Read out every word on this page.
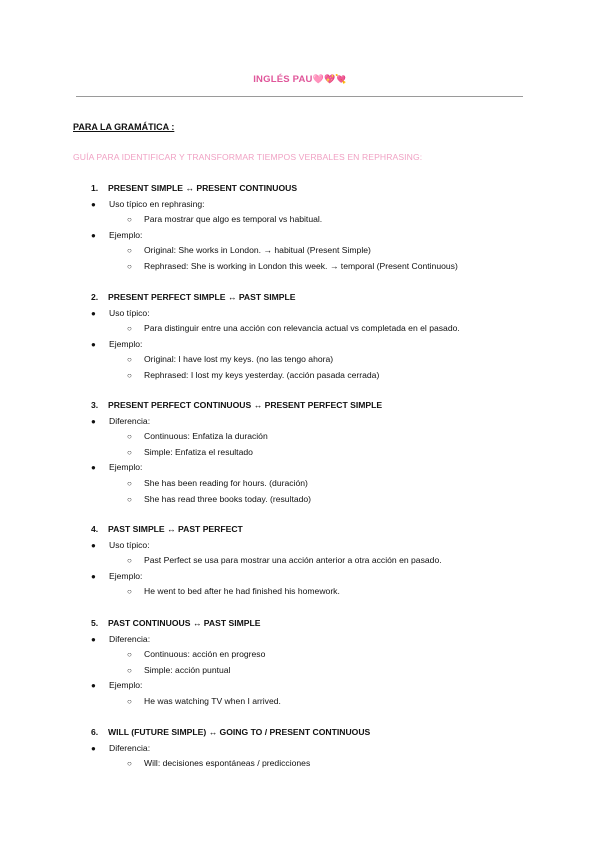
INGLÉS PAU🩷💖💘
PARA LA GRAMÁTICA :
GUÍA PARA IDENTIFICAR Y TRANSFORMAR TIEMPOS VERBALES EN REPHRASING:
1. PRESENT SIMPLE ↔ PRESENT CONTINUOUS
● Uso típico en rephrasing:
○ Para mostrar que algo es temporal vs habitual.
● Ejemplo:
○ Original: She works in London. → habitual (Present Simple)
○ Rephrased: She is working in London this week. → temporal (Present Continuous)
2. PRESENT PERFECT SIMPLE ↔ PAST SIMPLE
● Uso típico:
○ Para distinguir entre una acción con relevancia actual vs completada en el pasado.
● Ejemplo:
○ Original: I have lost my keys. (no las tengo ahora)
○ Rephrased: I lost my keys yesterday. (acción pasada cerrada)
3. PRESENT PERFECT CONTINUOUS ↔ PRESENT PERFECT SIMPLE
● Diferencia:
○ Continuous: Enfatiza la duración
○ Simple: Enfatiza el resultado
● Ejemplo:
○ She has been reading for hours. (duración)
○ She has read three books today. (resultado)
4. PAST SIMPLE ↔ PAST PERFECT
● Uso típico:
○ Past Perfect se usa para mostrar una acción anterior a otra acción en pasado.
● Ejemplo:
○ He went to bed after he had finished his homework.
5. PAST CONTINUOUS ↔ PAST SIMPLE
● Diferencia:
○ Continuous: acción en progreso
○ Simple: acción puntual
● Ejemplo:
○ He was watching TV when I arrived.
6. WILL (FUTURE SIMPLE) ↔ GOING TO / PRESENT CONTINUOUS
● Diferencia:
○ Will: decisiones espontáneas / predicciones
